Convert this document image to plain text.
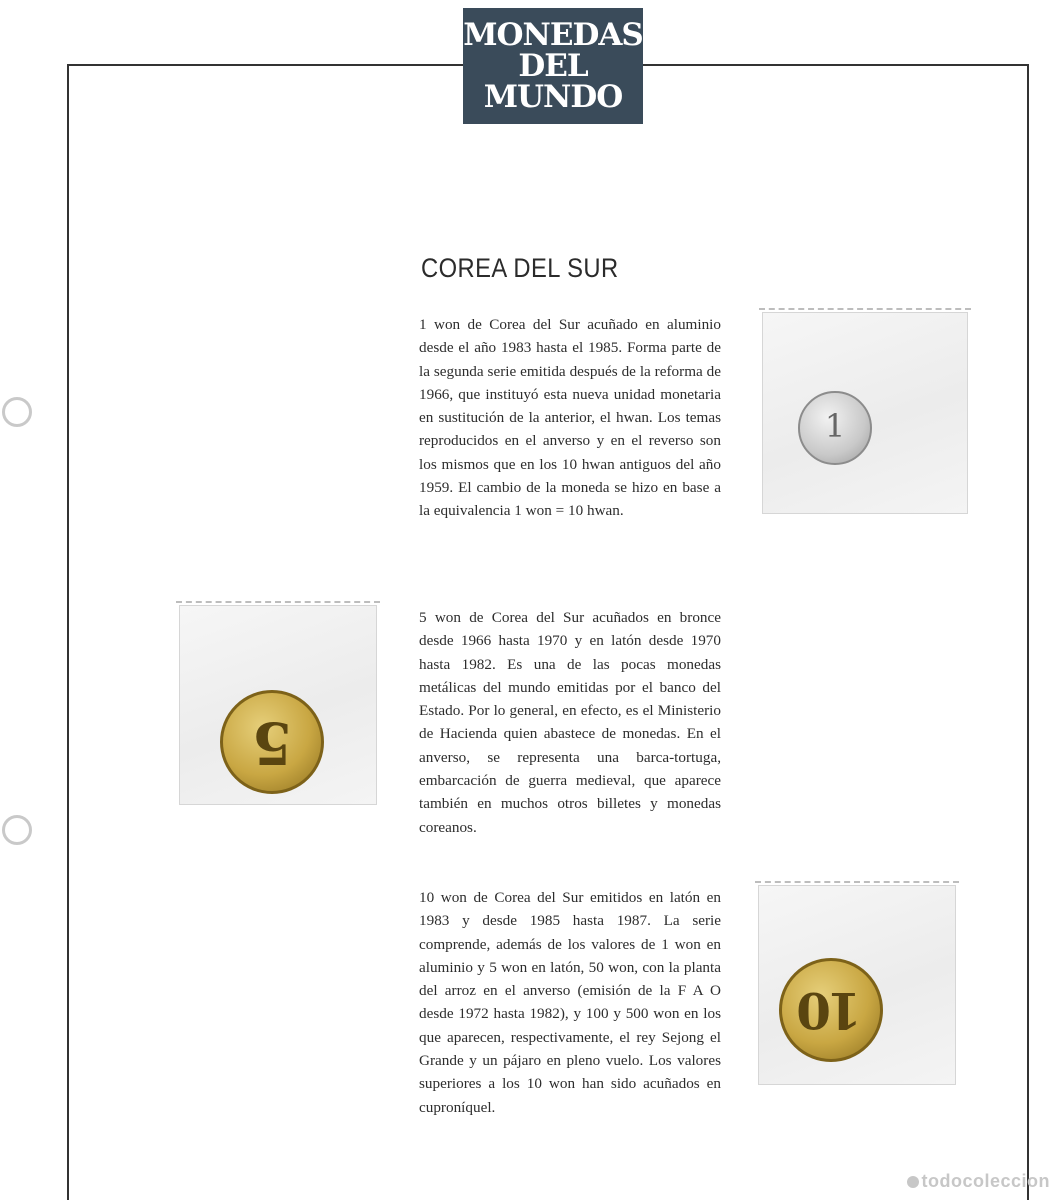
MONEDAS
DEL
MUNDO
COREA DEL SUR

1 won de Corea del Sur acuñado en aluminio desde el año 1983 hasta el 1985. Forma parte de la segunda serie emitida después de la reforma de 1966, que instituyó esta nueva unidad monetaria en sustitución de la anterior, el hwan. Los temas reproducidos en el anverso y en el reverso son los mismos que en los 10 hwan antiguos del año 1959. El cambio de la moneda se hizo en base a la equivalencia 1 won = 10 hwan.

5 won de Corea del Sur acuñados en bronce desde 1966 hasta 1970 y en latón desde 1970 hasta 1982. Es una de las pocas monedas metálicas del mundo emitidas por el banco del Estado. Por lo general, en efecto, es el Ministerio de Hacienda quien abastece de monedas. En el anverso, se representa una barca-tortuga, embarcación de guerra medieval, que aparece también en muchos otros billetes y monedas coreanos.

10 won de Corea del Sur emitidos en latón en 1983 y desde 1985 hasta 1987. La serie comprende, además de los valores de 1 won en aluminio y 5 won en latón, 50 won, con la planta del arroz en el anverso (emisión de la F A O desde 1972 hasta 1982), y 100 y 500 won en los que aparecen, respectivamente, el rey Sejong el Grande y un pájaro en pleno vuelo. Los valores superiores a los 10 won han sido acuñados en cuproníquel.

1
5
10
todocoleccion
